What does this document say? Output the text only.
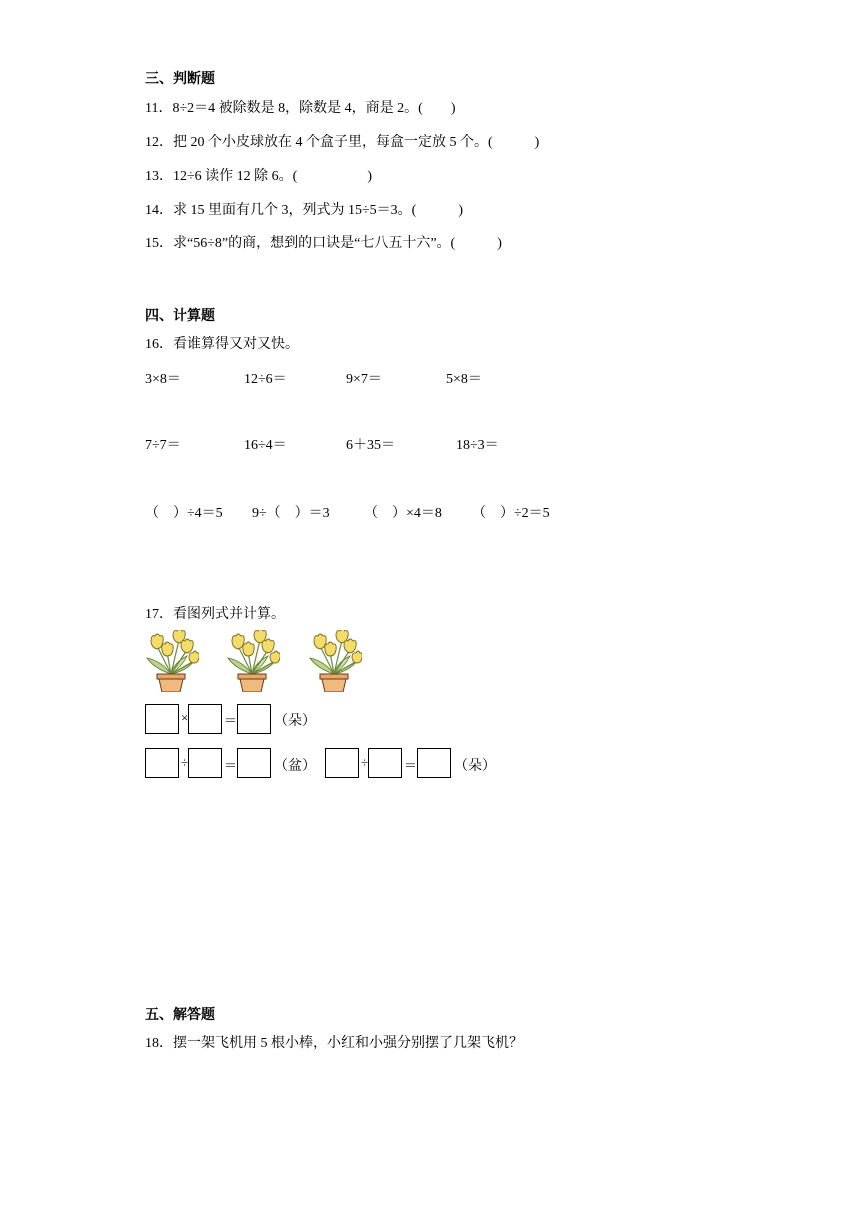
三、判断题
11．8÷2＝4 被除数是 8，除数是 4，商是 2。(　　)
12．把 20 个小皮球放在 4 个盒子里，每盒一定放 5 个。(　　　)
13．12÷6 读作 12 除 6。(　　　　　)
14．求 15 里面有几个 3，列式为 15÷5＝3。(　　　)
15．求“56÷8”的商，想到的口诀是“七八五十六”。(　　　)
四、计算题
16．看谁算得又对又快。
3×8＝	12÷6＝	9×7＝	5×8＝
7÷7＝	16÷4＝	6＋35＝	18÷3＝
（　）÷4＝5 9÷（　）＝3 （　）×4＝8 （　）÷2＝5
17．看图列式并计算。
×	＝	（朵）
÷	＝	（盆）	÷	＝	（朵）
五、解答题
18．摆一架飞机用 5 根小棒，小红和小强分别摆了几架飞机？
